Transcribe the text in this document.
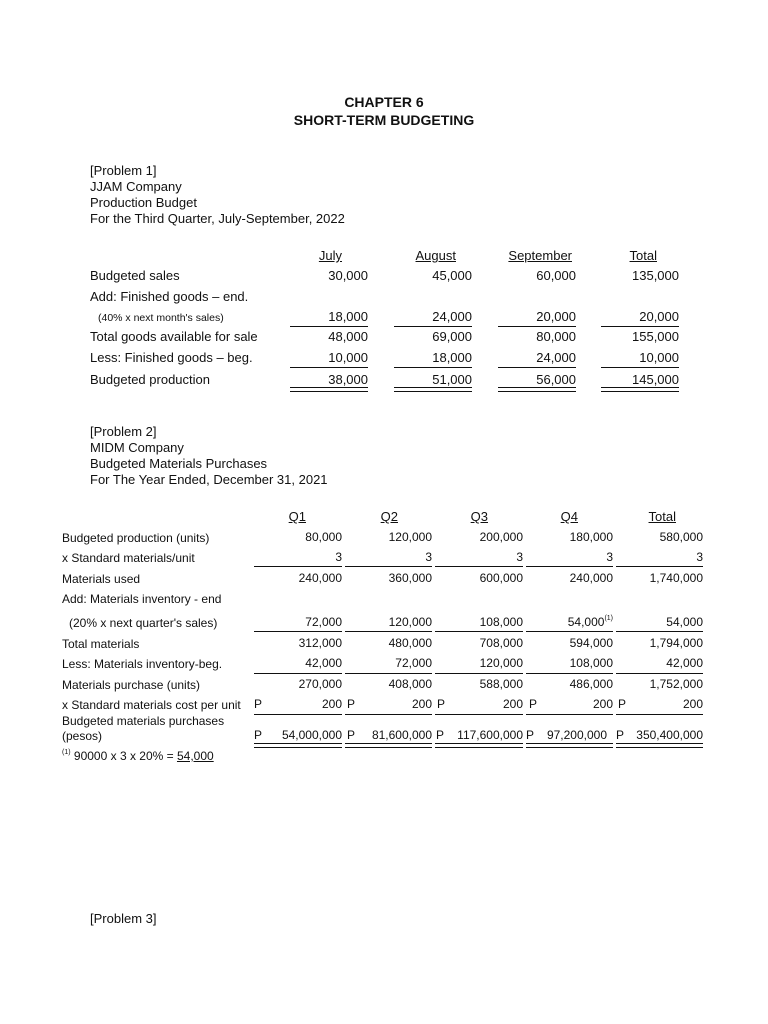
CHAPTER 6
SHORT-TERM BUDGETING
[Problem 1]
JJAM Company
Production Budget
For the Third Quarter, July-September, 2022
July	August	September	Total
Budgeted sales	30,000	45,000	60,000	135,000
Add: Finished goods – end.
(40% x next month's sales)	18,000	24,000	20,000	20,000
Total goods available for sale	48,000	69,000	80,000	155,000
Less: Finished goods – beg.	10,000	18,000	24,000	10,000
Budgeted production	38,000	51,000	56,000	145,000
[Problem 2]
MIDM Company
Budgeted Materials Purchases
For The Year Ended, December 31, 2021
Q1	Q2	Q3	Q4	Total
Budgeted production (units)	80,000	120,000	200,000	180,000	580,000
x Standard materials/unit	3	3	3	3	3
Materials used	240,000	360,000	600,000	240,000	1,740,000
Add: Materials inventory - end
(20% x next quarter's sales)	72,000	120,000	108,000	54,000$^{(1)}$	54,000
Total materials	312,000	480,000	708,000	594,000	1,794,000
Less: Materials inventory-beg.	42,000	72,000	120,000	108,000	42,000
Materials purchase (units)	270,000	408,000	588,000	486,000	1,752,000
x Standard materials cost per unit P	200 P	200 P	200 P	200 P	200
Budgeted materials purchases
(pesos)	P	54,000,000 P	81,600,000 P	117,600,000 P	97,200,000 P	350,400,000
$^{(1)}$ 90000 x 3 x 20% = 54,000
[Problem 3]
